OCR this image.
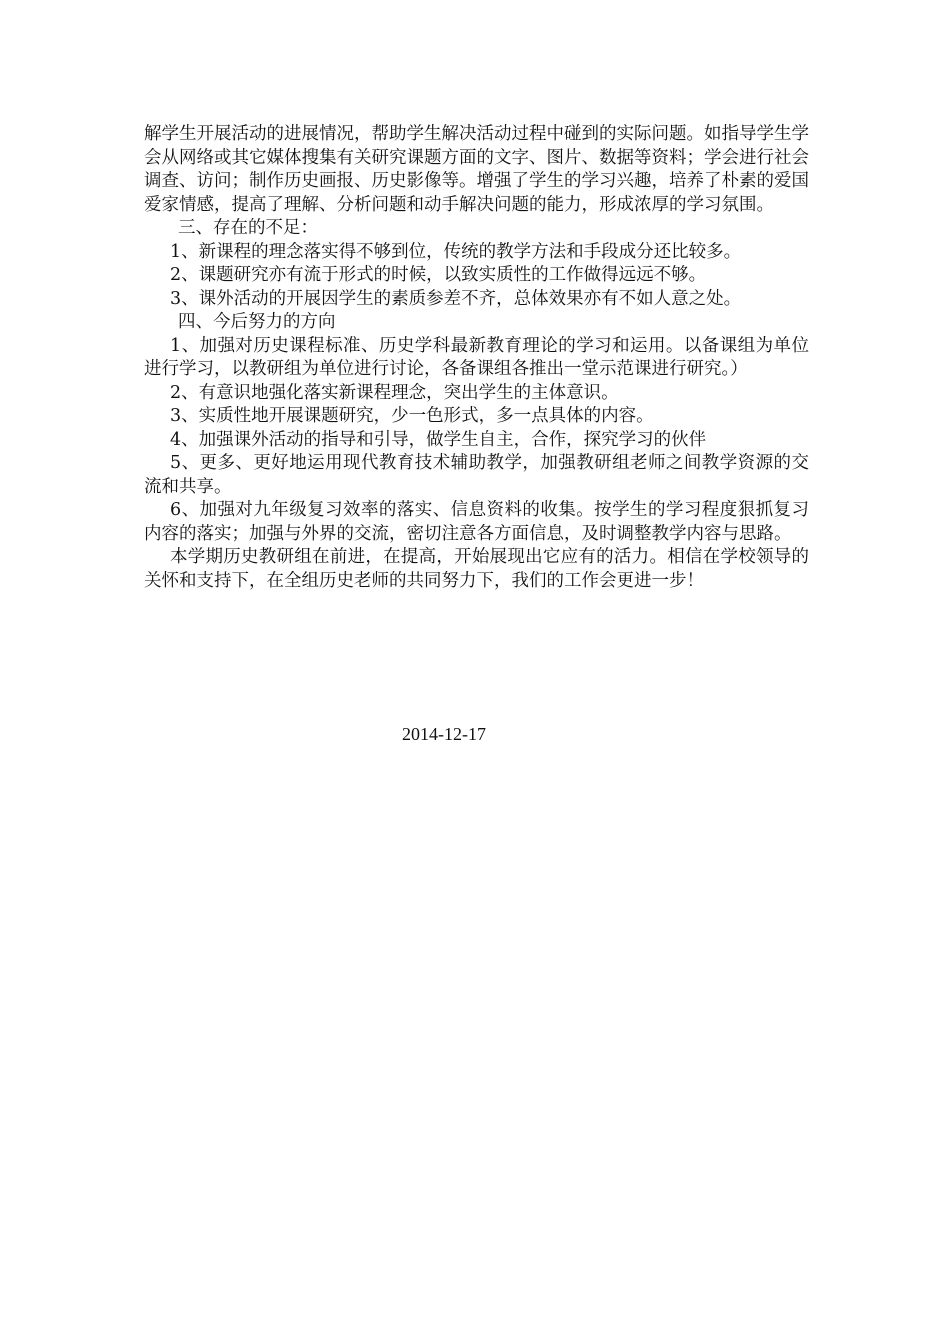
解学生开展活动的进展情况，帮助学生解决活动过程中碰到的实际问题。如指导学生学会从网络或其它媒体搜集有关研究课题方面的文字、图片、数据等资料；学会进行社会调查、访问；制作历史画报、历史影像等。增强了学生的学习兴趣，培养了朴素的爱国爱家情感，提高了理解、分析问题和动手解决问题的能力，形成浓厚的学习氛围。

三、存在的不足：

1、新课程的理念落实得不够到位，传统的教学方法和手段成分还比较多。

2、课题研究亦有流于形式的时候，以致实质性的工作做得远远不够。

3、课外活动的开展因学生的素质参差不齐，总体效果亦有不如人意之处。

四、今后努力的方向

1、加强对历史课程标准、历史学科最新教育理论的学习和运用。以备课组为单位进行学习，以教研组为单位进行讨论，各备课组各推出一堂示范课进行研究。）

2、有意识地强化落实新课程理念，突出学生的主体意识。

3、实质性地开展课题研究，少一色形式，多一点具体的内容。

4、加强课外活动的指导和引导，做学生自主，合作，探究学习的伙伴

5、更多、更好地运用现代教育技术辅助教学，加强教研组老师之间教学资源的交流和共享。

6、加强对九年级复习效率的落实、信息资料的收集。按学生的学习程度狠抓复习内容的落实；加强与外界的交流，密切注意各方面信息，及时调整教学内容与思路。

本学期历史教研组在前进，在提高，开始展现出它应有的活力。相信在学校领导的关怀和支持下，在全组历史老师的共同努力下，我们的工作会更进一步！

2014-12-17
